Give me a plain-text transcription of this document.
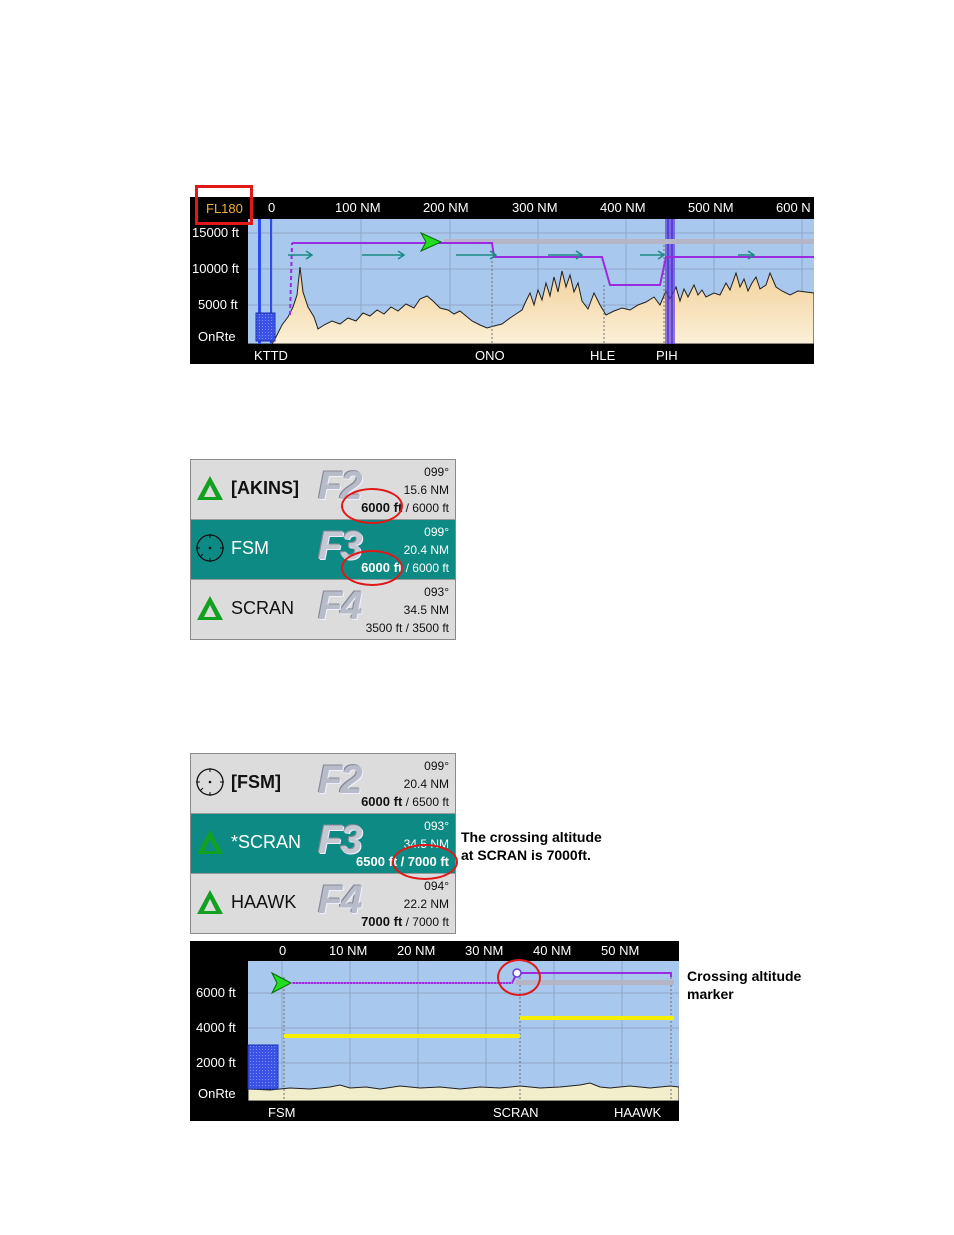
FL180 0	100 NM	200 NM	300 NM	400 NM	500 NM	600 N
15000 ft
10000 ft
5000 ft
OnRte
KTTD	ONO	HLE	PIH
[AKINS] F2	099°
15.6 NM
6000 ft / 6000 ft
FSM F3	099°
20.4 NM
6000 ft / 6000 ft
SCRAN F4	093°
34.5 NM
3500 ft / 3500 ft
[FSM] F2	099°
20.4 NM
6000 ft / 6500 ft
*SCRAN F3	093°
34.5 NM
6500 ft / 7000 ft
HAAWK F4	094°
22.2 NM
7000 ft / 7000 ft
The crossing altitude
at SCRAN is 7000ft.
0	10 NM 20 NM 30 NM 40 NM 50 NM
6000 ft
4000 ft
2000 ft
OnRte
FSM	SCRAN	HAAWK
Crossing altitude
marker
